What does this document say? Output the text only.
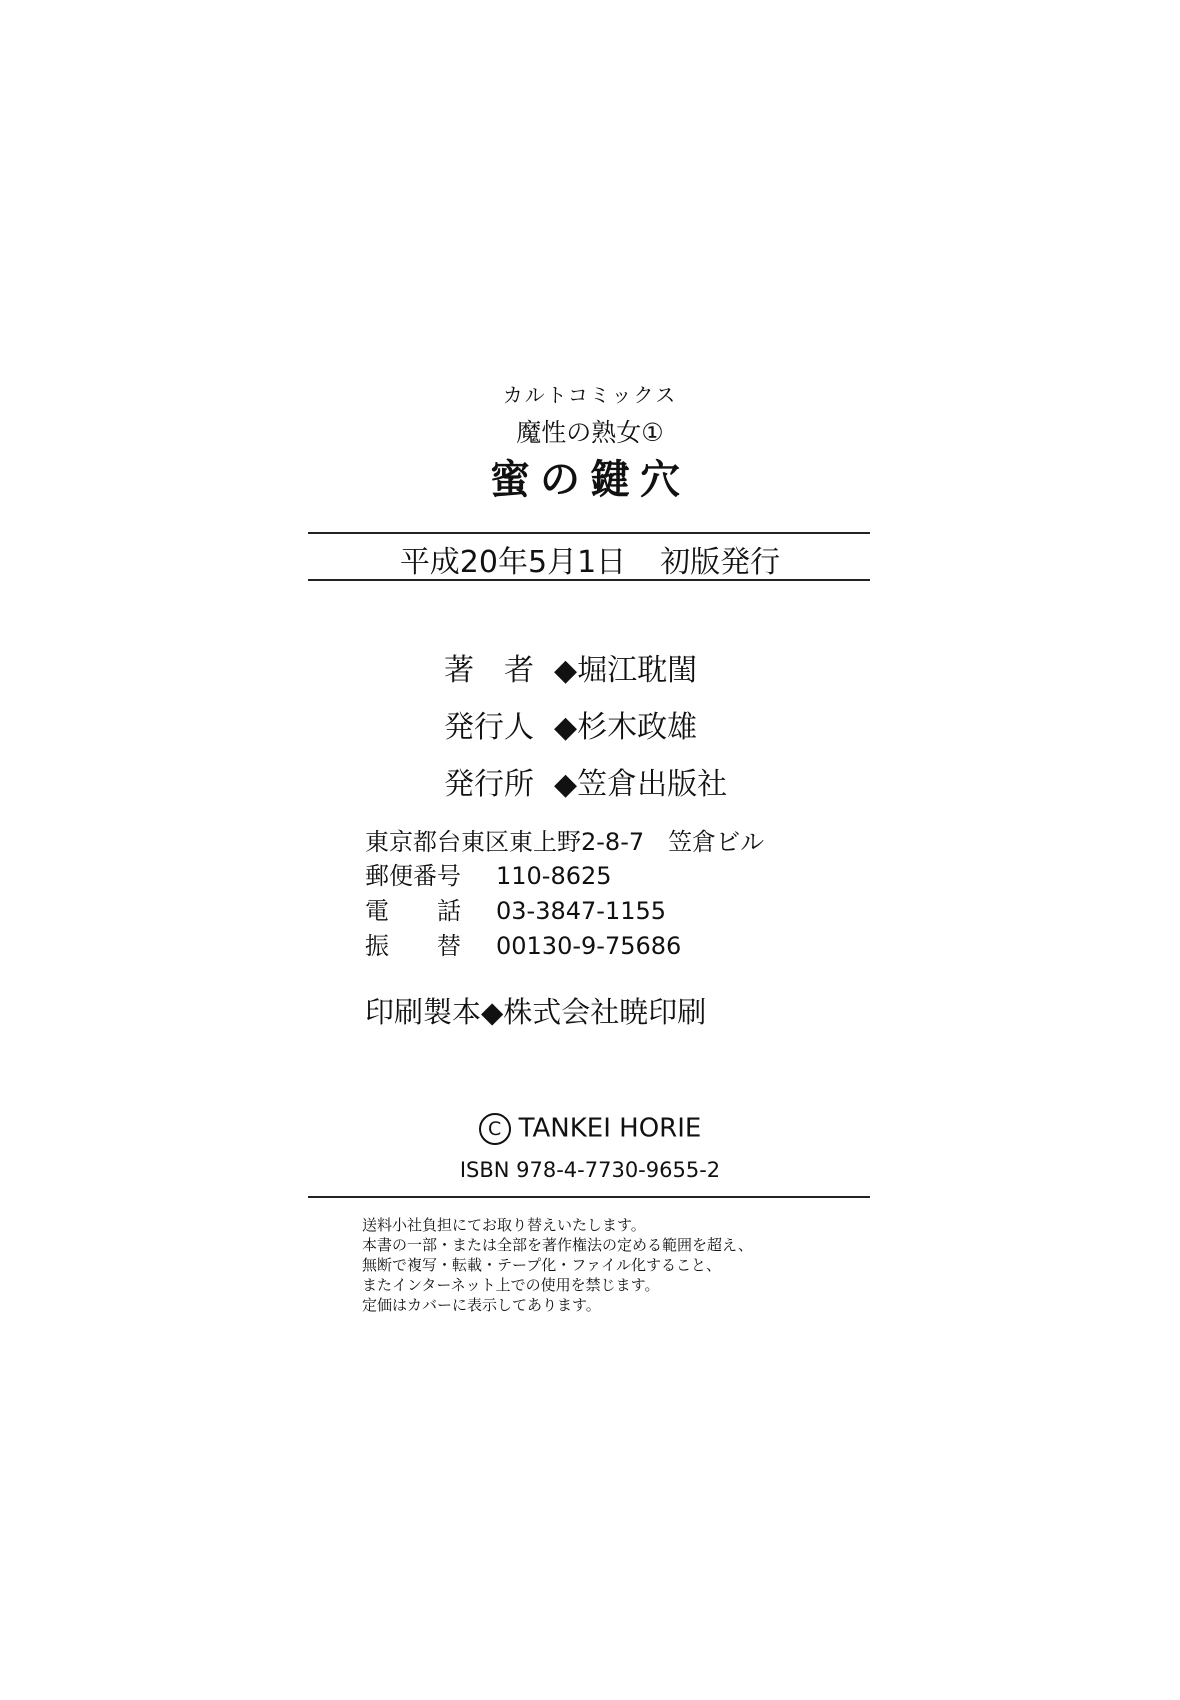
カルトコミックス
魔性の熟女①
蜜の鍵穴
平成20年5月1日 初版発行
著　者 ◆堀江耽閨
発行人 ◆杉木政雄
発行所 ◆笠倉出版社
東京都台東区東上野2-8-7　笠倉ビル
郵便番号 110-8625
電　　話 03-3847-1155
振　　替 00130-9-75686
印刷製本◆株式会社暁印刷
C TANKEI HORIE
ISBN 978-4-7730-9655-2
送料小社負担にてお取り替えいたします。
本書の一部・または全部を著作権法の定める範囲を超え、
無断で複写・転載・テープ化・ファイル化すること、
またインターネット上での使用を禁じます。
定価はカバーに表示してあります。
